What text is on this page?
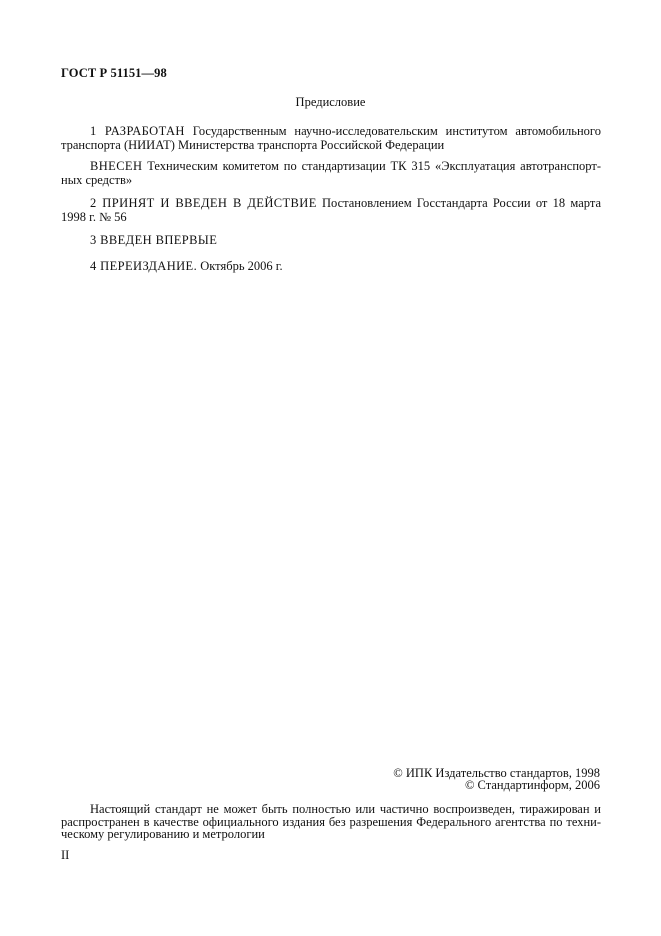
ГОСТ Р 51151—98
Предисловие
1 РАЗРАБОТАН Государственным научно-исследовательским институтом автомобильного транспорта (НИИАТ) Министерства транспорта Российской Федерации
ВНЕСЕН Техническим комитетом по стандартизации ТК 315 «Эксплуатация автотранспорт-ных средств»
2 ПРИНЯТ И ВВЕДЕН В ДЕЙСТВИЕ Постановлением Госстандарта России от 18 марта 1998 г. № 56
3 ВВЕДЕН ВПЕРВЫЕ
4 ПЕРЕИЗДАНИЕ. Октябрь 2006 г.
© ИПК Издательство стандартов, 1998
© Стандартинформ, 2006
Настоящий стандарт не может быть полностью или частично воспроизведен, тиражирован и распространен в качестве официального издания без разрешения Федерального агентства по техни-ческому регулированию и метрологии
II
